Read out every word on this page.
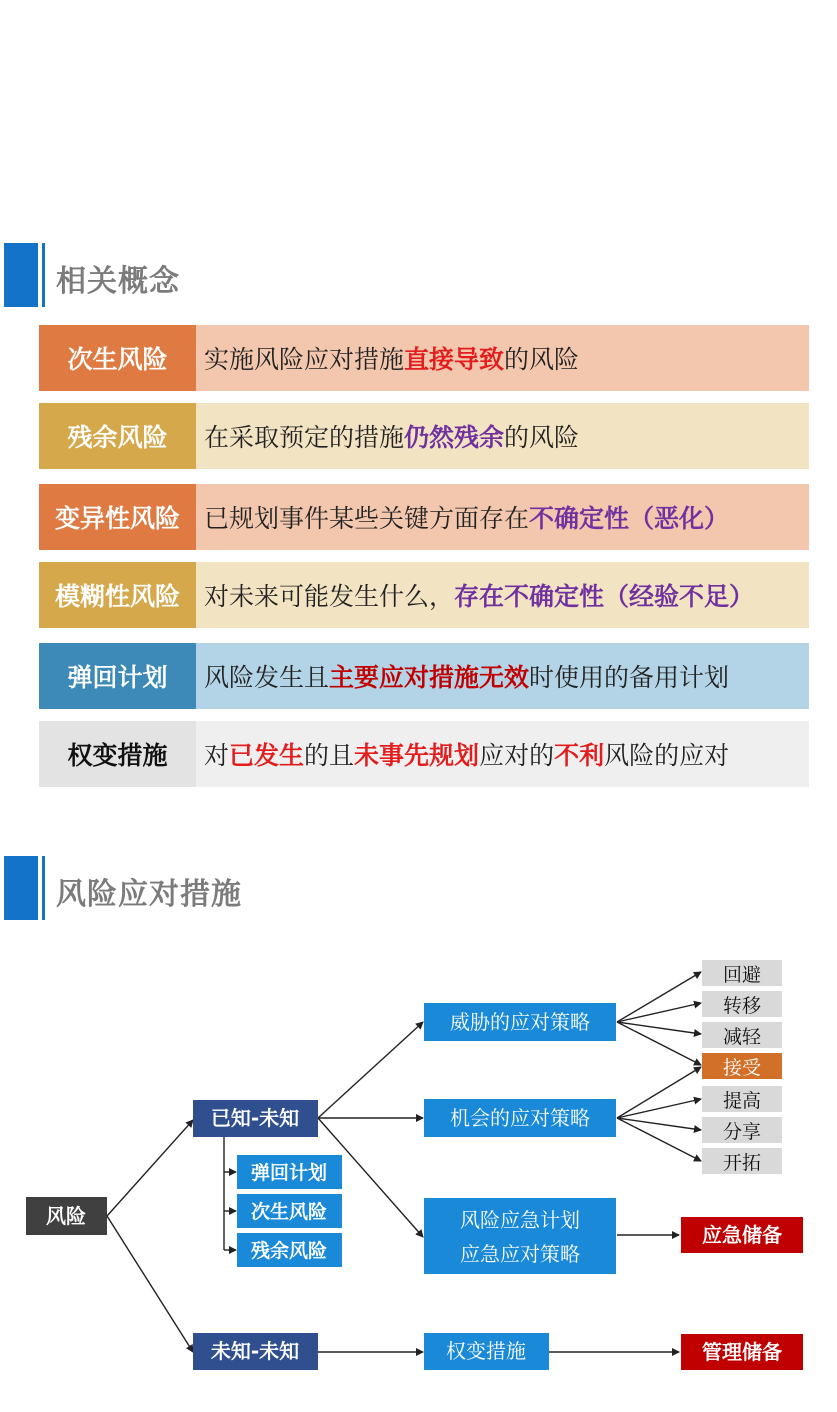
相关概念
次生风险	实施风险应对措施 直接导致 的风险
残余风险	在采取预定的措施 仍然残余 的风险
变异性风险 已规划事件某些关键方面存在 不确定性（恶化）
模糊性风险 对未来可能发生什么， 存在不确定性（经验不足）
弹回计划	风险发生且 主要应对措施无效 时使用的备用计划
权变措施	对 已发生 的且 未事先规划 应对的 不利 风险的应对
风险应对措施
风险
已知-未知
未知-未知
弹回计划
次生风险
残余风险
威胁的应对策略
机会的应对策略
风险应急计划
应急应对策略
权变措施
回避
转移
减轻
接受
提高
分享
开拓
应急储备
管理储备
